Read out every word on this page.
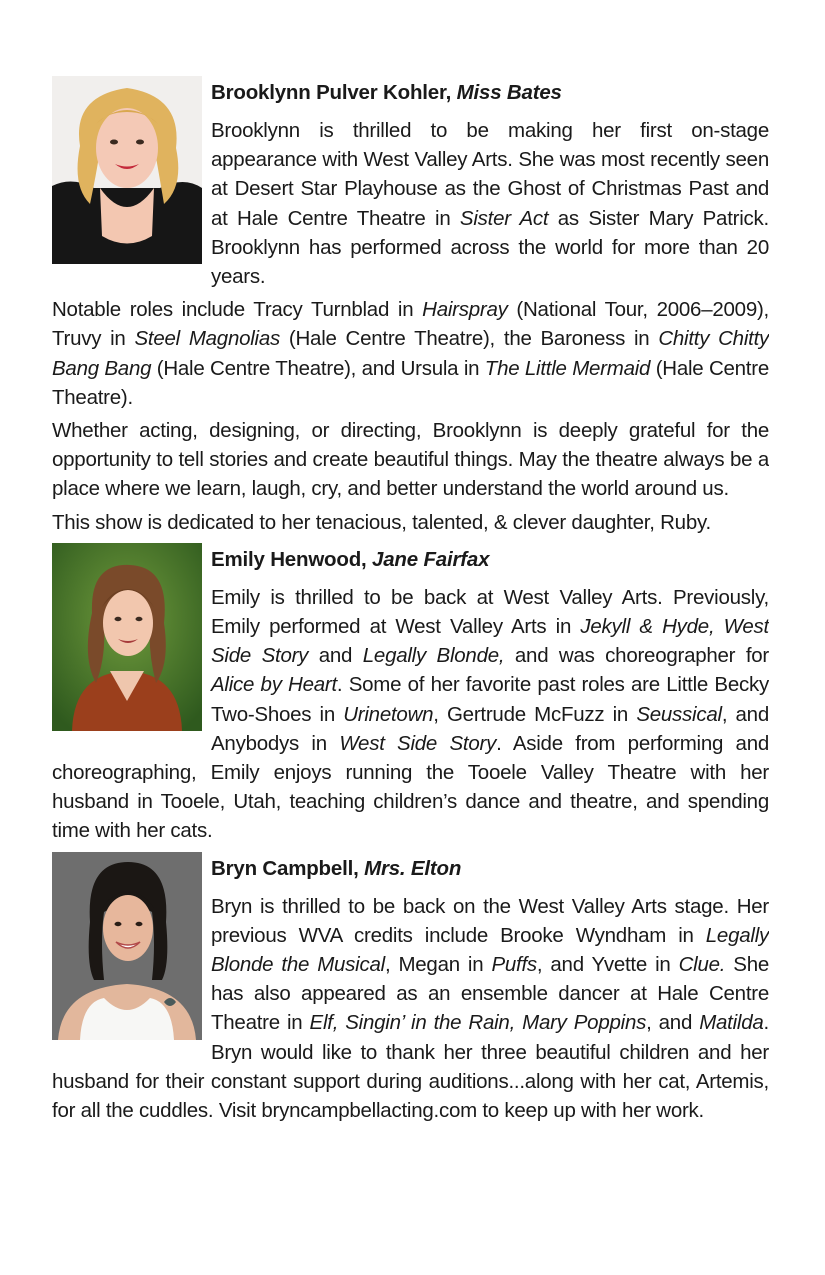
Brooklynn Pulver Kohler, Miss Bates

Brooklynn is thrilled to be making her first on-stage appearance with West Valley Arts. She was most recently seen at Desert Star Playhouse as the Ghost of Christmas Past and at Hale Centre Theatre in Sister Act as Sister Mary Patrick. Brooklynn has performed across the world for more than 20 years.

Notable roles include Tracy Turnblad in Hairspray (National Tour, 2006–2009), Truvy in Steel Magnolias (Hale Centre Theatre), the Baroness in Chitty Chitty Bang Bang (Hale Centre Theatre), and Ursula in The Little Mermaid (Hale Centre Theatre).

Whether acting, designing, or directing, Brooklynn is deeply grateful for the opportunity to tell stories and create beautiful things. May the theatre always be a place where we learn, laugh, cry, and better understand the world around us.

This show is dedicated to her tenacious, talented, & clever daughter, Ruby.

Emily Henwood, Jane Fairfax

Emily is thrilled to be back at West Valley Arts. Previously, Emily performed at West Valley Arts in Jekyll & Hyde, West Side Story and Legally Blonde, and was choreographer for Alice by Heart. Some of her favorite past roles are Little Becky Two-Shoes in Urinetown, Gertrude McFuzz in Seussical, and Anybodys in West Side Story. Aside from performing and choreographing, Emily enjoys running the Tooele Valley Theatre with her husband in Tooele, Utah, teaching children’s dance and theatre, and spending time with her cats.

Bryn Campbell, Mrs. Elton

Bryn is thrilled to be back on the West Valley Arts stage. Her previous WVA credits include Brooke Wyndham in Legally Blonde the Musical, Megan in Puffs, and Yvette in Clue. She has also appeared as an ensemble dancer at Hale Centre Theatre in Elf, Singin’ in the Rain, Mary Poppins, and Matilda. Bryn would like to thank her three beautiful children and her husband for their constant support during auditions...along with her cat, Artemis, for all the cuddles. Visit bryncampbellacting.com to keep up with her work.
